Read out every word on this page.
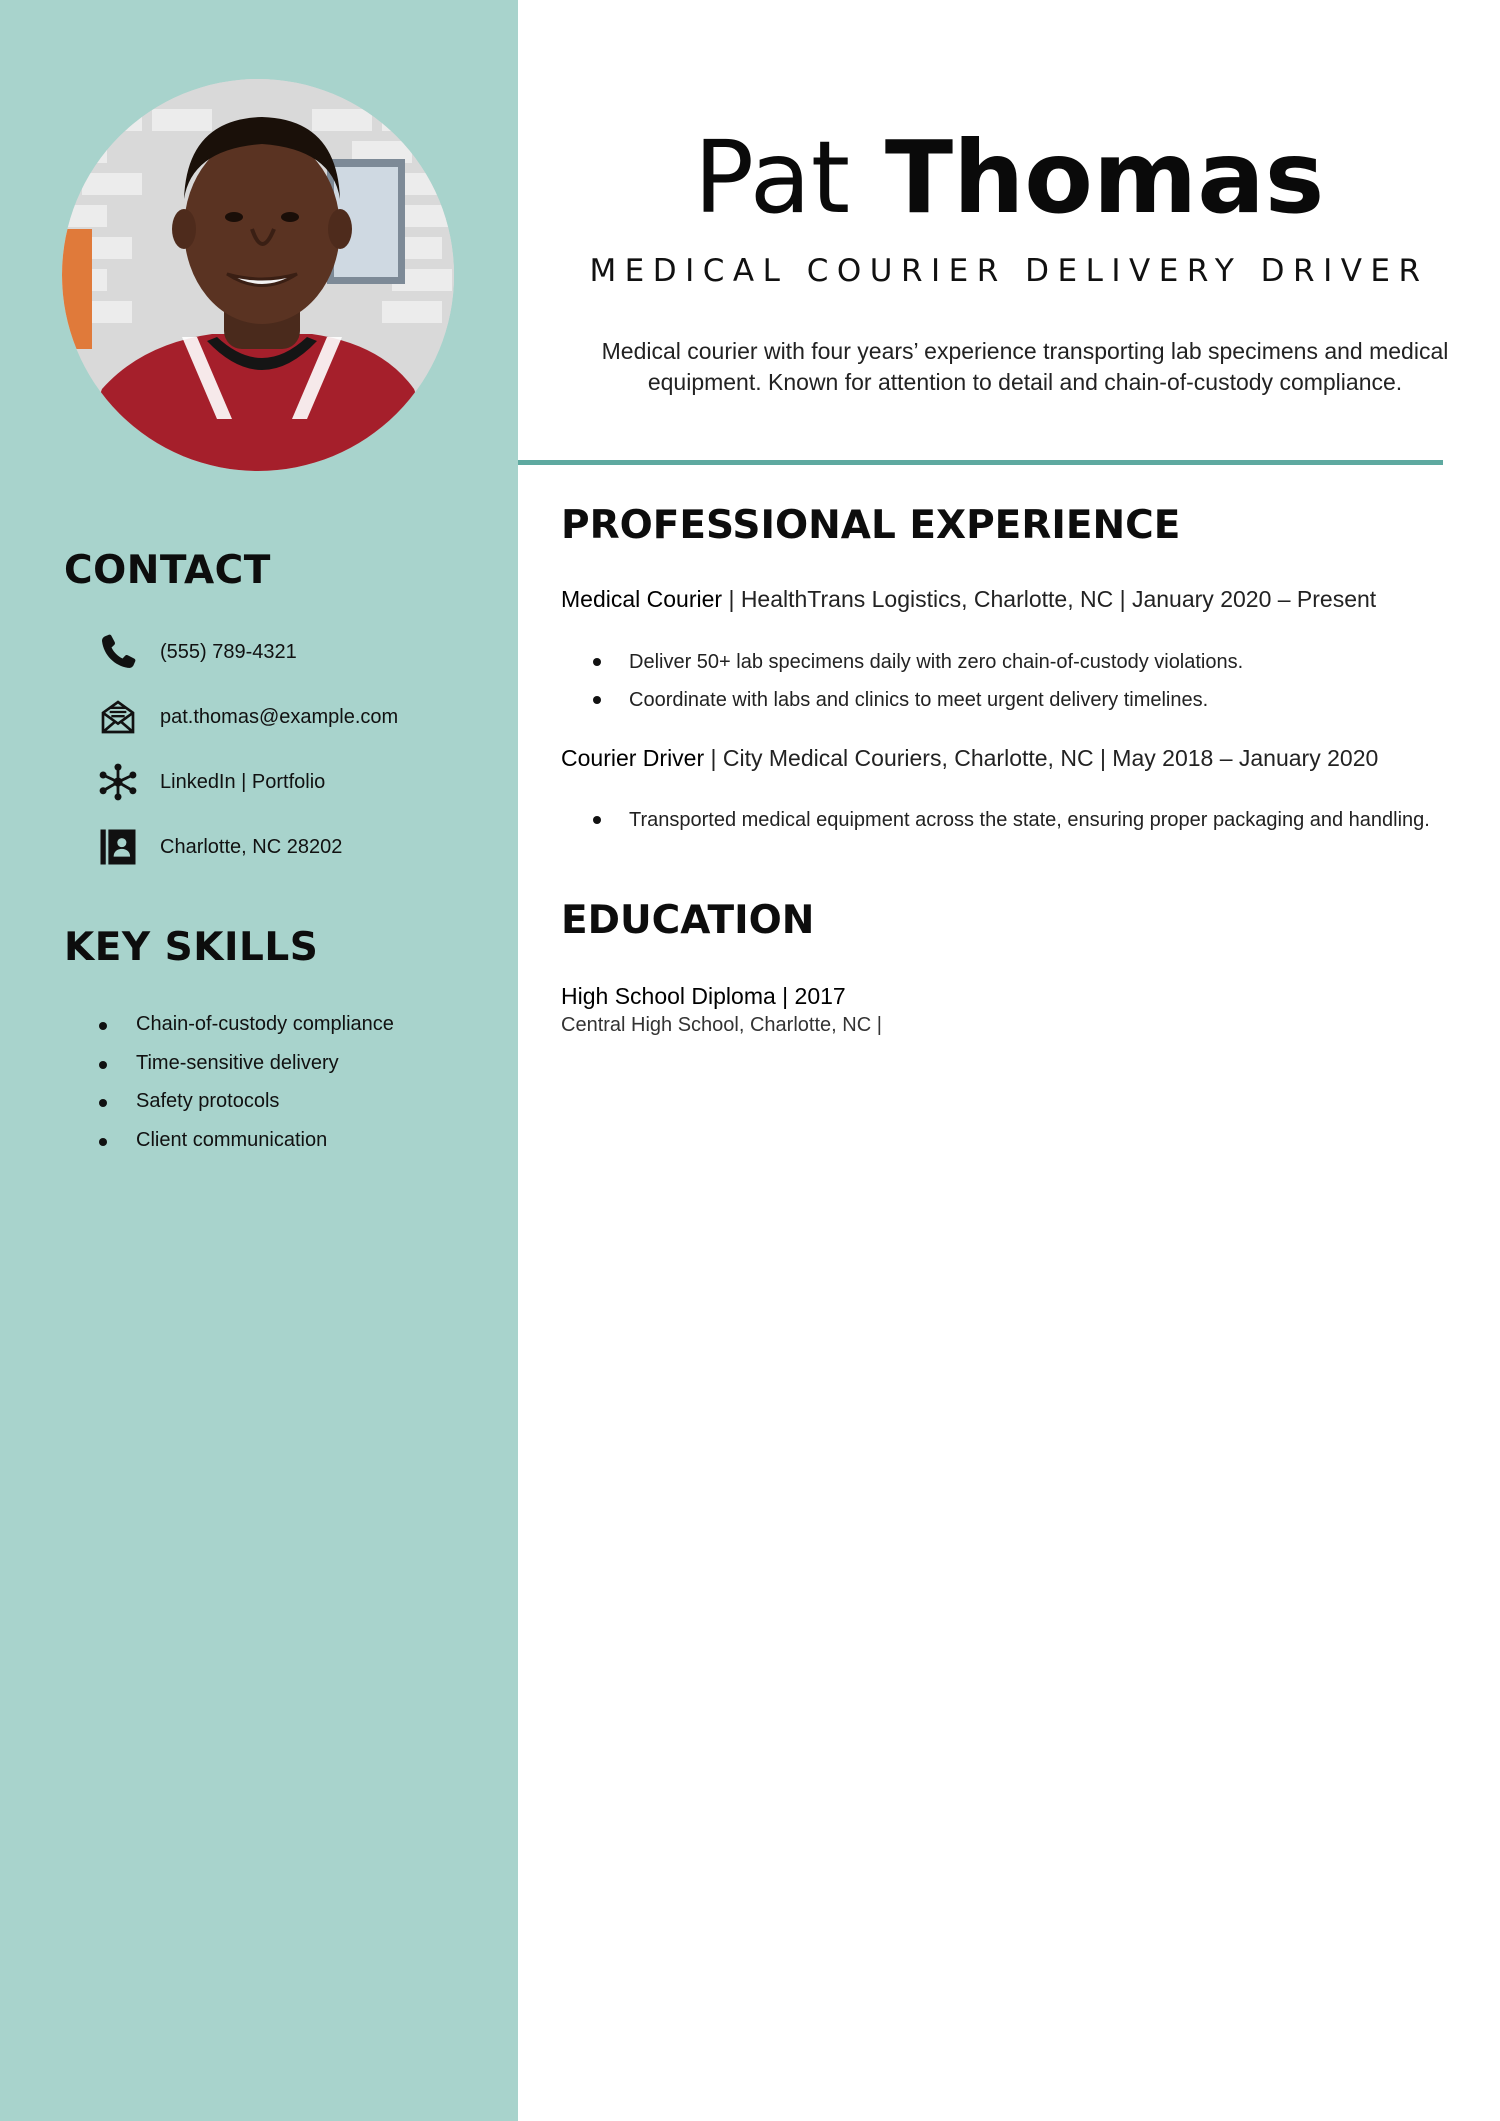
CONTACT
(555) 789-4321
pat.thomas@example.com
LinkedIn | Portfolio
Charlotte, NC 28202
KEY SKILLS
Chain-of-custody compliance
Time-sensitive delivery
Safety protocols
Client communication
Pat Thomas

MEDICAL COURIER DELIVERY DRIVER

Medical courier with four years’ experience transporting lab specimens and medical equipment. Known for attention to detail and chain-of-custody compliance.

PROFESSIONAL EXPERIENCE
Medical Courier | HealthTrans Logistics, Charlotte, NC | January 2020 – Present
Deliver 50+ lab specimens daily with zero chain-of-custody violations.
Coordinate with labs and clinics to meet urgent delivery timelines.
Courier Driver | City Medical Couriers, Charlotte, NC | May 2018 – January 2020
Transported medical equipment across the state, ensuring proper packaging and handling.
EDUCATION
High School Diploma | 2017
Central High School, Charlotte, NC |
